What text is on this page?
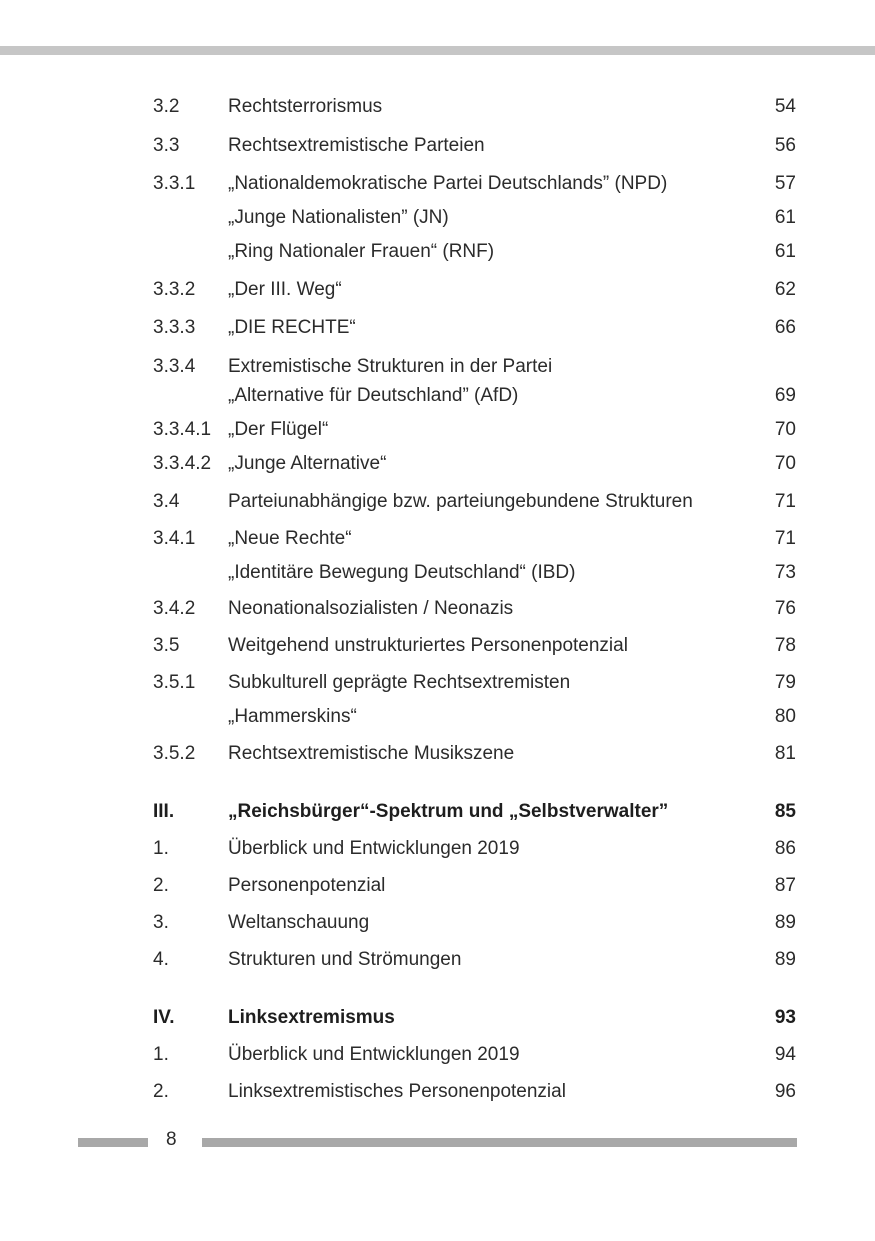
3.2	Rechtsterrorismus	54
3.3	Rechtsextremistische Parteien	56
3.3.1 „Nationaldemokratische Partei Deutschlands” (NPD)	57
„Junge Nationalisten” (JN)	61
„Ring Nationaler Frauen“ (RNF)	61
3.3.2 „Der III. Weg“	62
3.3.3 „DIE RECHTE“	66
3.3.4 Extremistische Strukturen in der Partei
„Alternative für Deutschland” (AfD)	69
3.3.4.1 „Der Flügel“	70
3.3.4.2 „Junge Alternative“	70
3.4	Parteiunabhängige bzw. parteiungebundene Strukturen	71
3.4.1 „Neue Rechte“	71
„Identitäre Bewegung Deutschland“ (IBD)	73
3.4.2 Neonationalsozialisten / Neonazis	76
3.5	Weitgehend unstrukturiertes Personenpotenzial	78
3.5.1 Subkulturell geprägte Rechtsextremisten	79
„Hammerskins“	80
3.5.2 Rechtsextremistische Musikszene	81
III.	„Reichsbürger“-Spektrum und „Selbstverwalter”	85
1.	Überblick und Entwicklungen 2019	86
2.	Personenpotenzial	87
3.	Weltanschauung	89
4.	Strukturen und Strömungen	89
IV.	Linksextremismus	93
1.	Überblick und Entwicklungen 2019	94
2.	Linksextremistisches Personenpotenzial	96
8
